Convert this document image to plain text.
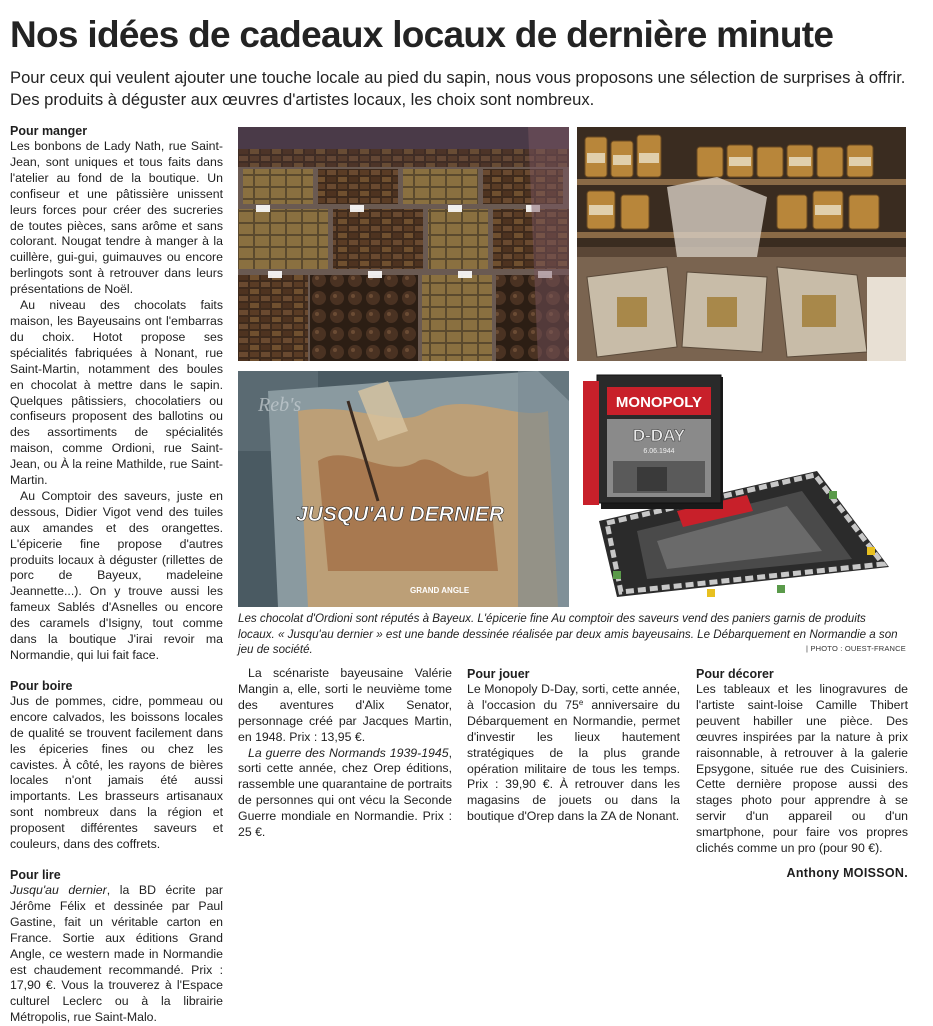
Nos idées de cadeaux locaux de dernière minute

Pour ceux qui veulent ajouter une touche locale au pied du sapin, nous vous proposons une sélection de surprises à offrir. Des produits à déguster aux œuvres d'artistes locaux, les choix sont nombreux.

Pour manger

Les bonbons de Lady Nath, rue Saint-Jean, sont uniques et tous faits dans l'atelier au fond de la boutique. Un confiseur et une pâtissière unissent leurs forces pour créer des sucreries de toutes pièces, sans arôme et sans colorant. Nougat tendre à manger à la cuillère, gui-gui, guimauves ou encore berlingots sont à retrouver dans leurs présentations de Noël.

Au niveau des chocolats faits maison, les Bayeusains ont l'embarras du choix. Hotot propose ses spécialités fabriquées à Nonant, rue Saint-Martin, notamment des boules en chocolat à mettre dans le sapin. Quelques pâtissiers, chocolatiers ou confiseurs proposent des ballotins ou des assortiments de spécialités maison, comme Ordioni, rue Saint-Jean, ou À la reine Mathilde, rue Saint-Martin.

Au Comptoir des saveurs, juste en dessous, Didier Vigot vend des tuiles aux amandes et des orangettes. L'épicerie fine propose d'autres produits locaux à déguster (rillettes de porc de Bayeux, madeleine Jeannette...). On y trouve aussi les fameux Sablés d'Asnelles ou encore des caramels d'Isigny, tout comme dans la boutique J'irai revoir ma Normandie, qui lui fait face.

Pour boire

Jus de pommes, cidre, pommeau ou encore calvados, les boissons locales de qualité se trouvent facilement dans les épiceries fines ou chez les cavistes. À côté, les rayons de bières locales n'ont jamais été aussi importants. Les brasseurs artisanaux sont nombreux dans la région et proposent différentes saveurs et couleurs, dans des coffrets.

Pour lire

Jusqu'au dernier, la BD écrite par Jérôme Félix et dessinée par Paul Gastine, fait un véritable carton en France. Sortie aux éditions Grand Angle, ce western made in Normandie est chaudement recommandé. Prix : 17,90 €. Vous la trouverez à l'Espace culturel Leclerc ou à la librairie Métropolis, rue Saint-Malo.

La scénariste bayeusaine Valérie Mangin a, elle, sorti le neuvième tome des aventures d'Alix Senator, personnage créé par Jacques Martin, en 1948. Prix : 13,95 €.

La guerre des Normands 1939-1945, sorti cette année, chez Orep éditions, rassemble une quarantaine de portraits de personnes qui ont vécu la Seconde Guerre mondiale en Normandie. Prix : 25 €.

Pour jouer

Le Monopoly D-Day, sorti, cette année, à l'occasion du 75e anniversaire du Débarquement en Normandie, permet d'investir les lieux hautement stratégiques de la plus grande opération militaire de tous les temps. Prix : 39,90 €. À retrouver dans les magasins de jouets ou dans la boutique d'Orep dans la ZA de Nonant.

Pour décorer

Les tableaux et les linogravures de l'artiste saint-loise Camille Thibert peuvent habiller une pièce. Des œuvres inspirées par la nature à prix raisonnable, à retrouver à la galerie Epsygone, située rue des Cuisiniers. Cette dernière propose aussi des stages photo pour apprendre à se servir d'un appareil ou d'un smartphone, pour faire vos propres clichés comme un pro (pour 90 €).

JUSQU'AU DERNIER
GRAND ANGLE
Reb's	MONOPOLY
D-DAY
6.06.1944

Les chocolat d'Ordioni sont réputés à Bayeux. L'épicerie fine Au comptoir des saveurs vend des paniers garnis de produits locaux. « Jusqu'au dernier » est une bande dessinée réalisée par deux amis bayeusains. Le Débarquement en Normandie a son jeu de société.	| PHOTO : OUEST-FRANCE
Anthony MOISSON.
